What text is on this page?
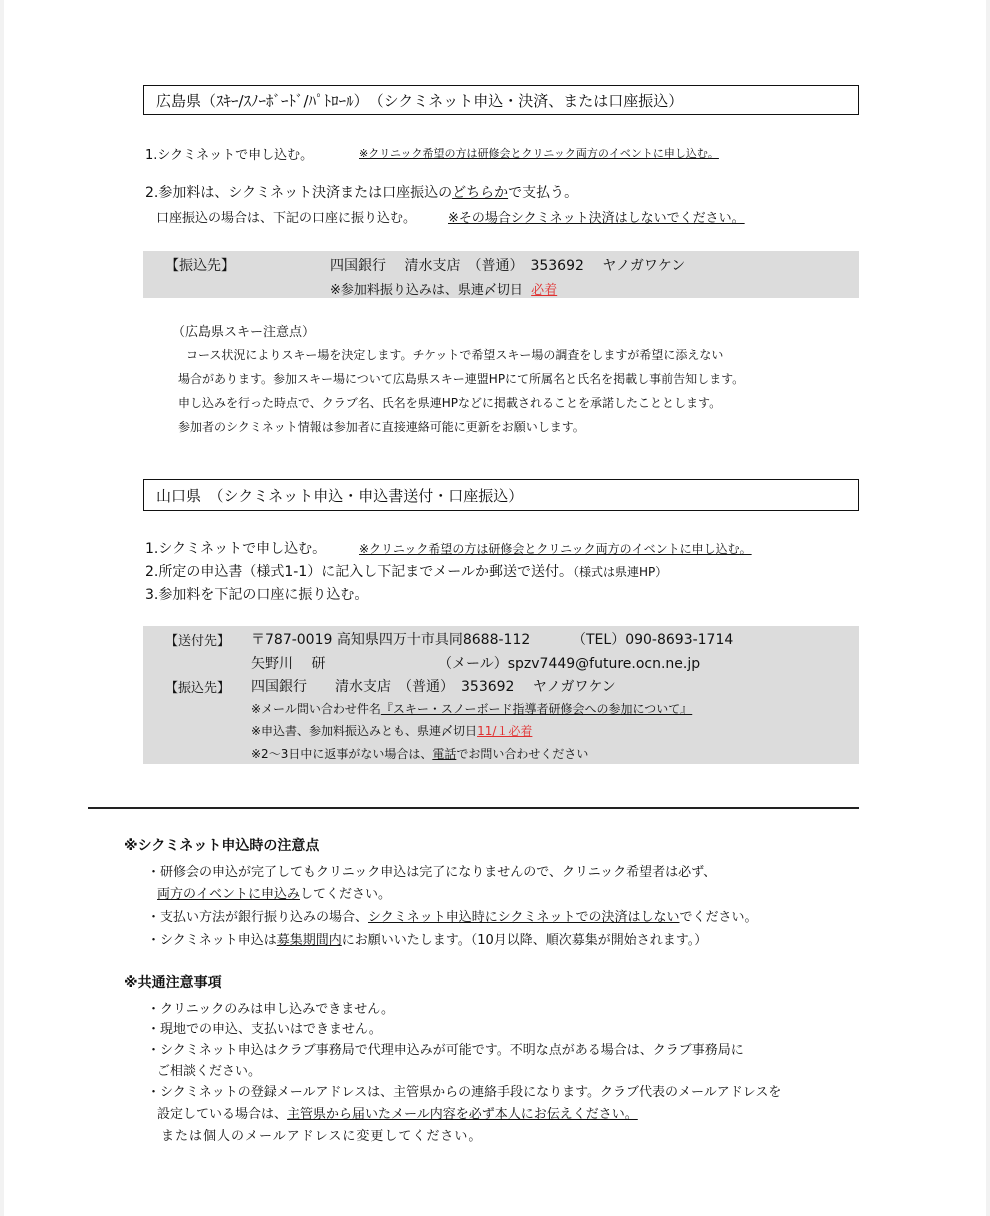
広島県（ｽｷｰ/ｽﾉｰﾎﾞｰﾄﾞ/ﾊﾟﾄﾛｰﾙ）　（シクミネット申込・決済、または口座振込）
1.シクミネットで申し込む。	※クリニック希望の方は研修会とクリニック両方のイベントに申し込む。
2.参加料は、シクミネット決済または口座振込のどちらかで支払う。
口座振込の場合は、下記の口座に振り込む。 ※その場合シクミネット決済はしないでください。
【振込先】	四国銀行　 清水支店　（普通）　353692　 ヤノガワケン
※参加料振り込みは、県連〆切日 必着
（広島県スキー注意点）
コース状況によりスキー場を決定します。チケットで希望スキー場の調査をしますが希望に添えない
場合があります。参加スキー場について広島県スキー連盟HPにて所属名と氏名を掲載し事前告知します。
申し込みを行った時点で、クラブ名、氏名を県連HPなどに掲載されることを承諾したこととします。
参加者のシクミネット情報は参加者に直接連絡可能に更新をお願いします。
山口県　（シクミネット申込・申込書送付・口座振込）
1.シクミネットで申し込む。	※クリニック希望の方は研修会とクリニック両方のイベントに申し込む。
2.所定の申込書（様式1-1）に記入し下記までメールか郵送で送付。（様式は県連HP）
3.参加料を下記の口座に振り込む。
【送付先】 〒787-0019 高知県四万十市具同8688-112	（TEL）090-8693-1714
矢野川　 研	（メール）spzv7449@future.ocn.ne.jp
【振込先】 四国銀行　　清水支店　（普通）　353692　 ヤノガワケン
※メール問い合わせ件名『スキー・スノーボード指導者研修会への参加について』
※申込書、参加料振込みとも、県連〆切日11/１必着
※2～3日中に返事がない場合は、電話でお問い合わせください
※シクミネット申込時の注意点
・研修会の申込が完了してもクリニック申込は完了になりませんので、クリニック希望者は必ず、
両方のイベントに申込みしてください。
・支払い方法が銀行振り込みの場合、シクミネット申込時にシクミネットでの決済はしないでください。
・シクミネット申込は募集期間内にお願いいたします。（10月以降、順次募集が開始されます。）
※共通注意事項
・クリニックのみは申し込みできません。
・現地での申込、支払いはできません。
・シクミネット申込はクラブ事務局で代理申込みが可能です。不明な点がある場合は、クラブ事務局に
ご相談ください。
・シクミネットの登録メールアドレスは、主管県からの連絡手段になります。クラブ代表のメールアドレスを
設定している場合は、主管県から届いたメール内容を必ず本人にお伝えください。
または個人のメールアドレスに変更してください。
